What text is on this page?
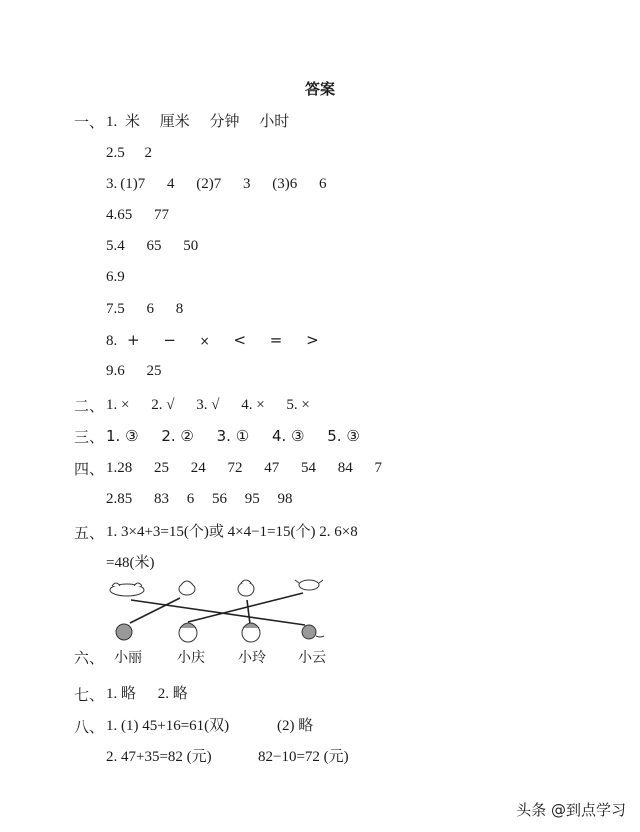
答案
一、 1. 米 厘米 分钟 小时
2.5 2
3. (1)7 4 (2)7 3 (3)6 6
4.65 77
5.4 65 50
6.9
7.5 6 8
8. + − × < = >
9.6 25
二、 1. × 2. √ 3. √ 4. × 5. ×
三、 1. ③ 2. ② 3. ① 4. ③ 5. ③
四、 1.28 25 24 72 47 54 84 7
2.85 83 6 56 95 98
五、 1. 3×4+3=15(个)或 4×4−1=15(个) 2. 6×8
=48(米)
六、 小丽	小庆 小玲 小云
七、 1. 略 2. 略
八、 1. (1) 45+16=61(双)	(2) 略
2. 47+35=82 (元)	82−10=72 (元)
头条 @到点学习
